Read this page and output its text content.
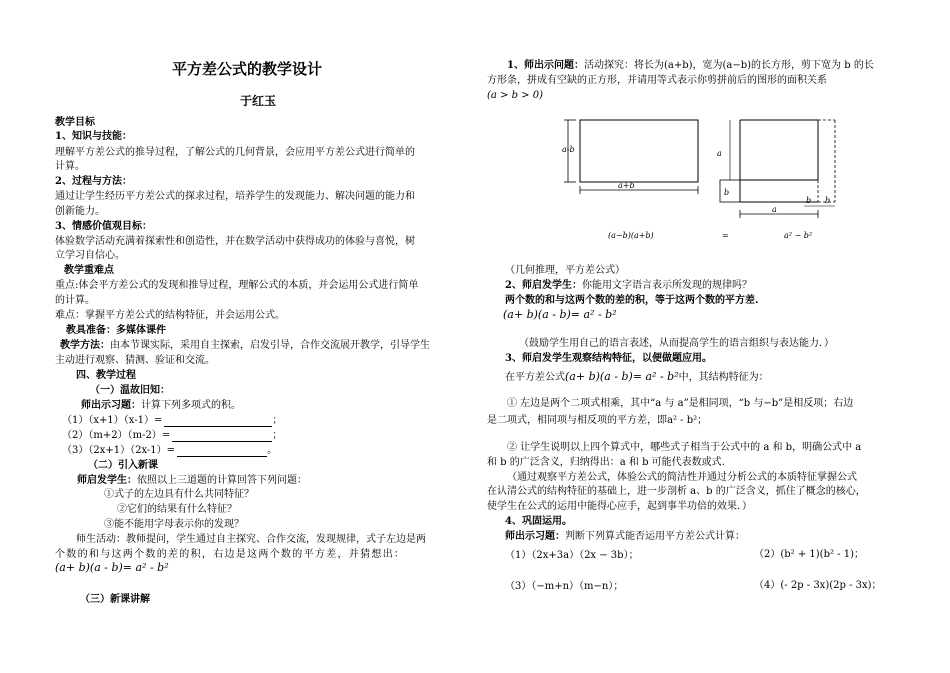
平方差公式的教学设计
于红玉
教学目标
1、知识与技能：
理解平方差公式的推导过程，了解公式的几何背景，会应用平方差公式进行简单的
计算。
2、过程与方法：
通过让学生经历平方差公式的探求过程，培养学生的发现能力、解决问题的能力和
创新能力。
3、情感价值观目标：
体验数学活动充满着探索性和创造性，并在数学活动中获得成功的体验与喜悦，树
立学习自信心。
教学重难点
重点:体会平方差公式的发现和推导过程，理解公式的本质，并会运用公式进行简单
的计算。
难点：掌握平方差公式的结构特征，并会运用公式。
教具准备：多媒体课件
教学方法：由本节课实际，采用自主探索，启发引导，合作交流展开教学，引导学生
主动进行观察、猜测、验证和交流。
四、教学过程
（一）温故旧知：
师出示习题：计算下列多项式的积。
（1）（x+1）（x-1）=	；
（2）（m+2）（m-2）=	；
（3）（2x+1）（2x-1）=	。
（二）引入新课
师启发学生：依照以上三道题的计算回答下列问题：
①式子的左边具有什么共同特征？
②它们的结果有什么特征？
③能不能用字母表示你的发现？
师生活动：教师提问，学生通过自主探究、合作交流，发现规律，式子左边是两
个数的和与这两个数的差的积，右边是这两个数的平方差，并猜想出：
(a+ b)(a - b)= a² - b²
（三）新课讲解
1、师出示问题：活动探究：将长为(a+b)，宽为(a−b)的长方形，剪下宽为 b 的长
方形条，拼成有空缺的正方形，并请用等式表示你剪拼前后的图形的面积关系
(a > b > 0)
a-b
a+b
a
b
a
b b
(a−b)(a+b)	=	a² − b²
（几何推理，平方差公式）
2、师启发学生：你能用文字语言表示所发现的规律吗？
两个数的和与这两个数的差的积，等于这两个数的平方差.
(a+ b)(a - b)= a² - b²
（鼓励学生用自己的语言表述，从而提高学生的语言组织与表达能力．）
3、师启发学生观察结构特征，以便做题应用。
在平方差公式(a+ b)(a - b)= a² - b²中，其结构特征为：
① 左边是两个二项式相乘，其中“a 与 a”是相同项，“b 与−b”是相反项；右边
是二项式，相同项与相反项的平方差，即a² - b²；
② 让学生说明以上四个算式中，哪些式子相当于公式中的 a 和 b，明确公式中 a
和 b 的广泛含义，归纳得出：a 和 b 可能代表数或式.
（通过观察平方差公式，体验公式的简洁性并通过分析公式的本质特征掌握公式
在认清公式的结构特征的基础上，进一步剖析 a、b 的广泛含义，抓住了概念的核心，
使学生在公式的运用中能得心应手，起到事半功倍的效果．）
4、巩固运用。
师出示习题：判断下列算式能否运用平方差公式计算：
（1）（2x+3a）（2x − 3b）；	（2）(b² + 1)(b² - 1)；
（3）（−m+n）（m−n）；	（4）(- 2p - 3x)(2p - 3x)；
